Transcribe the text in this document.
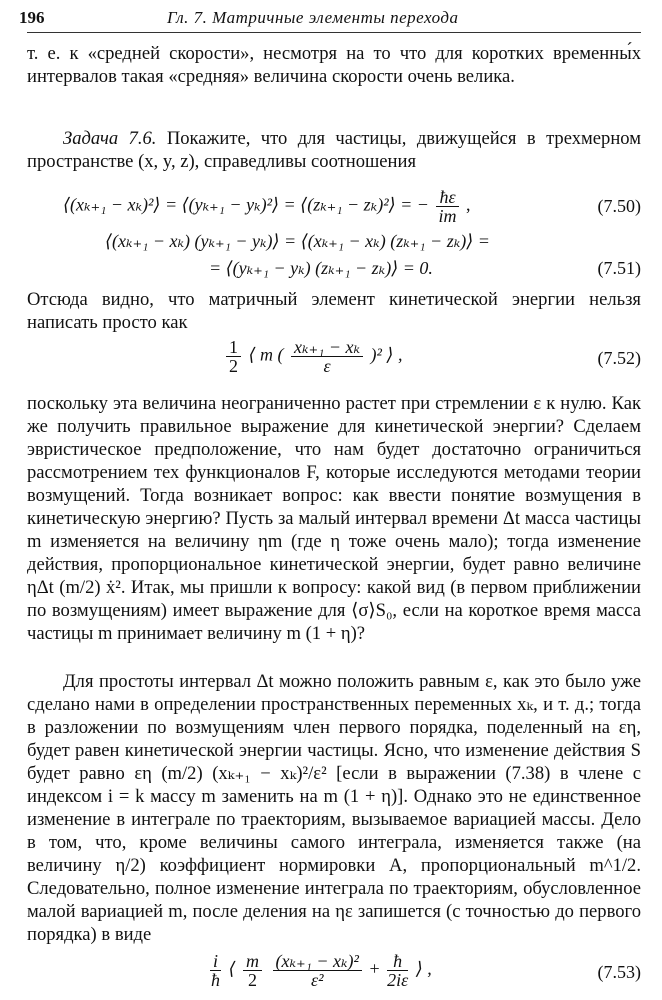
196	Гл. 7. Матричные элементы перехода

т. е. к «средней скорости», несмотря на то что для коротких временны́х интервалов такая «средняя» величина скорости очень велика.

Задача 7.6. Покажите, что для частицы, движущейся в трехмерном пространстве (x, y, z), справедливы соотношения

⟨(xₖ₊₁ − xₖ)²⟩ = ⟨(yₖ₊₁ − yₖ)²⟩ = ⟨(zₖ₊₁ − zₖ)²⟩ = − $\frac{ħ\varepsilon}{im}$ ,	(7.50)
⟨(xₖ₊₁ − xₖ) (yₖ₊₁ − yₖ)⟩ = ⟨(xₖ₊₁ − xₖ) (zₖ₊₁ − zₖ)⟩ =
= ⟨(yₖ₊₁ − yₖ) (zₖ₊₁ − zₖ)⟩ = 0.	(7.51)

Отсюда видно, что матричный элемент кинетической энергии нельзя написать просто как

$\frac{1}{2}$ ⟨ m ( $\frac{\text{xₖ₊₁ − xₖ}}{\varepsilon} )^2$ ⟩ ,	(7.52)

поскольку эта величина неограниченно растет при стремлении ε к нулю. Как же получить правильное выражение для кинетической энергии? Сделаем эвристическое предположение, что нам будет достаточно ограничиться рассмотрением тех функционалов F, которые исследуются методами теории возмущений. Тогда возникает вопрос: как ввести понятие возмущения в кинетическую энергию? Пусть за малый интервал времени Δt масса частицы m изменяется на величину ηm (где η тоже очень мало); тогда изменение действия, пропорциональное кинетической энергии, будет равно величине ηΔt (m/2) ẋ². Итак, мы пришли к вопросу: какой вид (в первом приближении по возмущениям) имеет выражение для ⟨σ⟩S₀, если на короткое время масса частицы m принимает величину m (1 + η)?

Для простоты интервал Δt можно положить равным ε, как это было уже сделано нами в определении пространственных переменных xₖ, и т. д.; тогда в разложении по возмущениям член первого порядка, поделенный на εη, будет равен кинетической энергии частицы. Ясно, что изменение действия S будет равно εη (m/2) (xₖ₊₁ − xₖ)²/ε² [если в выражении (7.38) в члене с индексом i = k массу m заменить на m (1 + η)]. Однако это не единственное изменение в интеграле по траекториям, вызываемое вариацией массы. Дело в том, что, кроме величины самого интеграла, изменяется также (на величину η/2) коэффициент нормировки A, пропорциональный m^1/2. Следовательно, полное изменение интеграла по траекториям, обусловленное малой вариацией m, после деления на ηε запишется (с точностью до первого порядка) в виде

$\frac{i}{ħ}$ ⟨ $\frac{m}{2}$
$\frac{\text{(xₖ₊₁ − xₖ)²}}{\text{ε²}} + \frac{ħ}{2i\varepsilon}$ ⟩ ,	(7.53)
